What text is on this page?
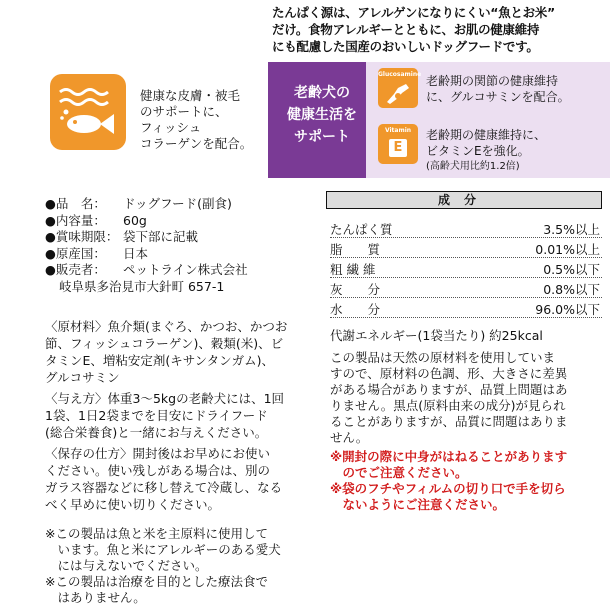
たんぱく源は、アレルゲンになりにくい“魚とお米”
だけ。食物アレルギーとともに、お肌の健康維持
にも配慮した国産のおいしいドッグフードです。
健康な皮膚・被毛
のサポートに、
フィッシュ
コラーゲンを配合。
老齢犬の
健康生活を
サポート
Glucosamine 老齢期の関節の健康維持
に、グルコサミンを配合。
Vitamin
E
老齢期の健康維持に、
ビタミンEを強化。
(高齢犬用比約1.2倍)
●品　名： ドッグフード(副食)
●内容量： 60g
●賞味期限： 袋下部に記載
●原産国： 日本
●販売者： ペットライン株式会社
岐阜県多治見市大針町 657-1
成分
たんぱく質	3.5%以上
脂　　質	0.01%以上
粗 繊 維	0.5%以下
灰　　分	0.8%以下
水　　分	96.0%以下
代謝エネルギー(1袋当たり) 約25kcal
この製品は天然の原材料を使用していま
すので、原材料の色調、形、大きさに差異
がある場合がありますが、品質上問題はあ
りません。黒点(原料由来の成分)が見られ
ることがありますが、品質に問題はありま
せん。
※開封の際に中身がはねることがあります
　のでご注意ください。
※袋のフチやフィルムの切り口で手を切ら
　ないようにご注意ください。
〈原材料〉魚介類(まぐろ、かつお、かつお
節、フィッシュコラーゲン)、穀類(米)、ビ
タミンE、増粘安定剤(キサンタンガム)、
グルコサミン
〈与え方〉体重3～5kgの老齢犬には、1回
1袋、1日2袋までを目安にドライフード
(総合栄養食)と一緒にお与えください。
〈保存の仕方〉開封後はお早めにお使い
ください。使い残しがある場合は、別の
ガラス容器などに移し替えて冷蔵し、なる
べく早めに使い切りください。
※この製品は魚と米を主原料に使用して
　います。魚と米にアレルギーのある愛犬
　には与えないでください。
※この製品は治療を目的とした療法食で
　はありません。
